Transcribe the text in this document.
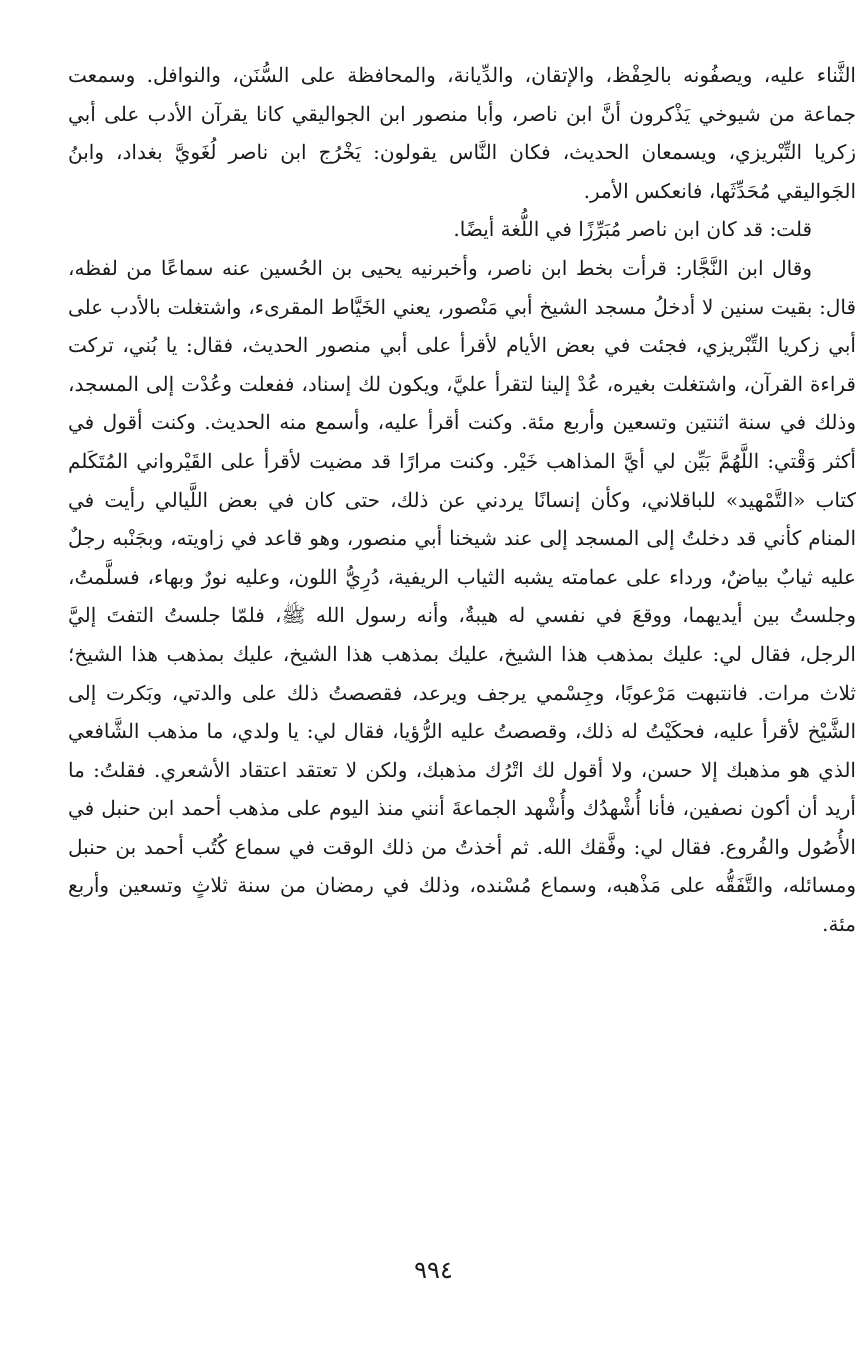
الثَّناء عليه، ويصفُونه بالحِفْظ، والإتقان، والدِّيانة، والمحافظة على السُّنَن، والنوافل. وسمعت جماعة من شيوخي يَذْكرون أنَّ ابن ناصر، وأبا منصور ابن الجواليقي كانا يقرآن الأدب على أبي زكريا التِّبْريزي، ويسمعان الحديث، فكان النَّاس يقولون: يَخْرُج ابن ناصر لُغَويَّ بغداد، وابنُ الجَواليقي مُحَدِّثَها، فانعكس الأمر.

قلت: قد كان ابن ناصر مُبَرِّزًا في اللُّغة أيضًا.

وقال ابن النَّجَّار: قرأت بخط ابن ناصر، وأخبرنيه يحيى بن الحُسين عنه سماعًا من لفظه، قال: بقيت سنين لا أدخلُ مسجد الشيخ أبي مَنْصور، يعني الخَيَّاط المقرىء، واشتغلت بالأدب على أبي زكريا التِّبْريزي، فجئت في بعض الأيام لأقرأ على أبي منصور الحديث، فقال: يا بُني، تركت قراءة القرآن، واشتغلت بغيره، عُدْ إلينا لتقرأ عليَّ، ويكون لك إسناد، ففعلت وعُدْت إلى المسجد، وذلك في سنة اثنتين وتسعين وأربع مئة. وكنت أقرأ عليه، وأسمع منه الحديث. وكنت أقول في أكثر وَقْتي: اللَّهُمَّ بَيِّن لي أيَّ المذاهب خَيْر. وكنت مرارًا قد مضيت لأقرأ على القَيْرواني المُتَكَلم كتاب «التَّمْهيد» للباقلاني، وكأن إنسانًا يردني عن ذلك، حتى كان في بعض اللَّيالي رأيت في المنام كأني قد دخلتُ إلى المسجد إلى عند شيخنا أبي منصور، وهو قاعد في زاويته، وبجَنْبه رجلٌ عليه ثيابٌ بياضٌ، ورداء على عمامته يشبه الثياب الريفية، دُرِيُّ اللون، وعليه نورٌ وبهاء، فسلَّمتُ، وجلستُ بين أيديهما، ووقعَ في نفسي له هيبةٌ، وأنه رسول الله ﷺ، فلمّا جلستُ التفتَ إليَّ الرجل، فقال لي: عليك بمذهب هذا الشيخ، عليك بمذهب هذا الشيخ، عليك بمذهب هذا الشيخ؛ ثلاث مرات. فانتبهت مَرْعوبًا، وجِسْمي يرجف ويرعد، فقصصتُ ذلك على والدتي، وبَكرت إلى الشَّيْخ لأقرأ عليه، فحكَيْتُ له ذلك، وقصصتُ عليه الرُّؤيا، فقال لي: يا ولدي، ما مذهب الشَّافعي الذي هو مذهبك إلا حسن، ولا أقول لك اتْرُك مذهبك، ولكن لا تعتقد اعتقاد الأشعري. فقلتُ: ما أريد أن أكون نصفين، فأنا أُشْهدُك وأُشْهد الجماعةَ أنني منذ اليوم على مذهب أحمد ابن حنبل في الأُصُول والفُروع. فقال لي: وفَّقك الله. ثم أخذتُ من ذلك الوقت في سماع كُتُب أحمد بن حنبل ومسائله، والتَّفَقُّه على مَذْهبه، وسماع مُسْنده، وذلك في رمضان من سنة ثلاثٍ وتسعين وأربع مئة.

٩٩٤
